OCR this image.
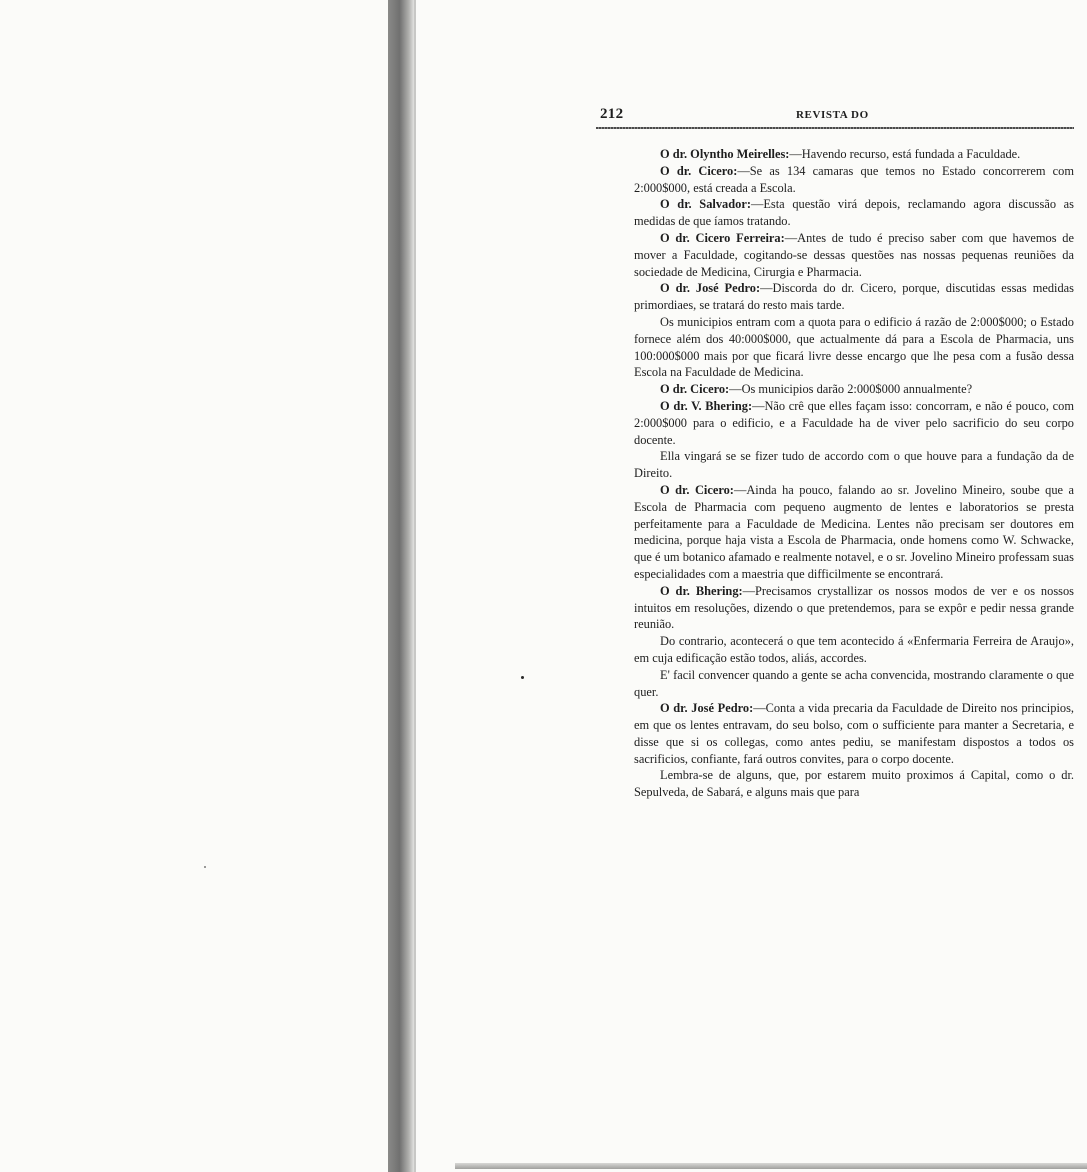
212	REVISTA DO

O dr. Olyntho Meirelles:—Havendo recurso, está fundada a Faculdade.

O dr. Cicero:—Se as 134 camaras que temos no Estado concorrerem com 2:000$000, está creada a Escola.

O dr. Salvador:—Esta questão virá depois, reclamando agora discussão as medidas de que íamos tratando.

O dr. Cicero Ferreira:—Antes de tudo é preciso saber com que havemos de mover a Faculdade, cogitando-se dessas questões nas nossas pequenas reuniões da sociedade de Medicina, Cirurgia e Pharmacia.

O dr. José Pedro:—Discorda do dr. Cicero, porque, discutidas essas medidas primordiaes, se tratará do resto mais tarde.

Os municipios entram com a quota para o edificio á razão de 2:000$000; o Estado fornece além dos 40:000$000, que actualmente dá para a Escola de Pharmacia, uns 100:000$000 mais por que ficará livre desse encargo que lhe pesa com a fusão dessa Escola na Faculdade de Medicina.

O dr. Cicero:—Os municipios darão 2:000$000 annualmente?

O dr. V. Bhering:—Não crê que elles façam isso: concorram, e não é pouco, com 2:000$000 para o edificio, e a Faculdade ha de viver pelo sacrificio do seu corpo docente.

Ella vingará se se fizer tudo de accordo com o que houve para a fundação da de Direito.

O dr. Cicero:—Ainda ha pouco, falando ao sr. Jovelino Mineiro, soube que a Escola de Pharmacia com pequeno augmento de lentes e laboratorios se presta perfeitamente para a Faculdade de Medicina. Lentes não precisam ser doutores em medicina, porque haja vista a Escola de Pharmacia, onde homens como W. Schwacke, que é um botanico afamado e realmente notavel, e o sr. Jovelino Mineiro professam suas especialidades com a maestria que difficilmente se encontrará.

O dr. Bhering:—Precisamos crystallizar os nossos modos de ver e os nossos intuitos em resoluções, dizendo o que pretendemos, para se expôr e pedir nessa grande reunião.

Do contrario, acontecerá o que tem acontecido á «Enfermaria Ferreira de Araujo», em cuja edificação estão todos, aliás, accordes.

E' facil convencer quando a gente se acha convencida, mostrando claramente o que quer.

O dr. José Pedro:—Conta a vida precaria da Faculdade de Direito nos principios, em que os lentes entravam, do seu bolso, com o sufficiente para manter a Secretaria, e disse que si os collegas, como antes pediu, se manifestam dispostos a todos os sacrificios, confiante, fará outros convites, para o corpo docente.

Lembra-se de alguns, que, por estarem muito proximos á Capital, como o dr. Sepulveda, de Sabará, e alguns mais que para
